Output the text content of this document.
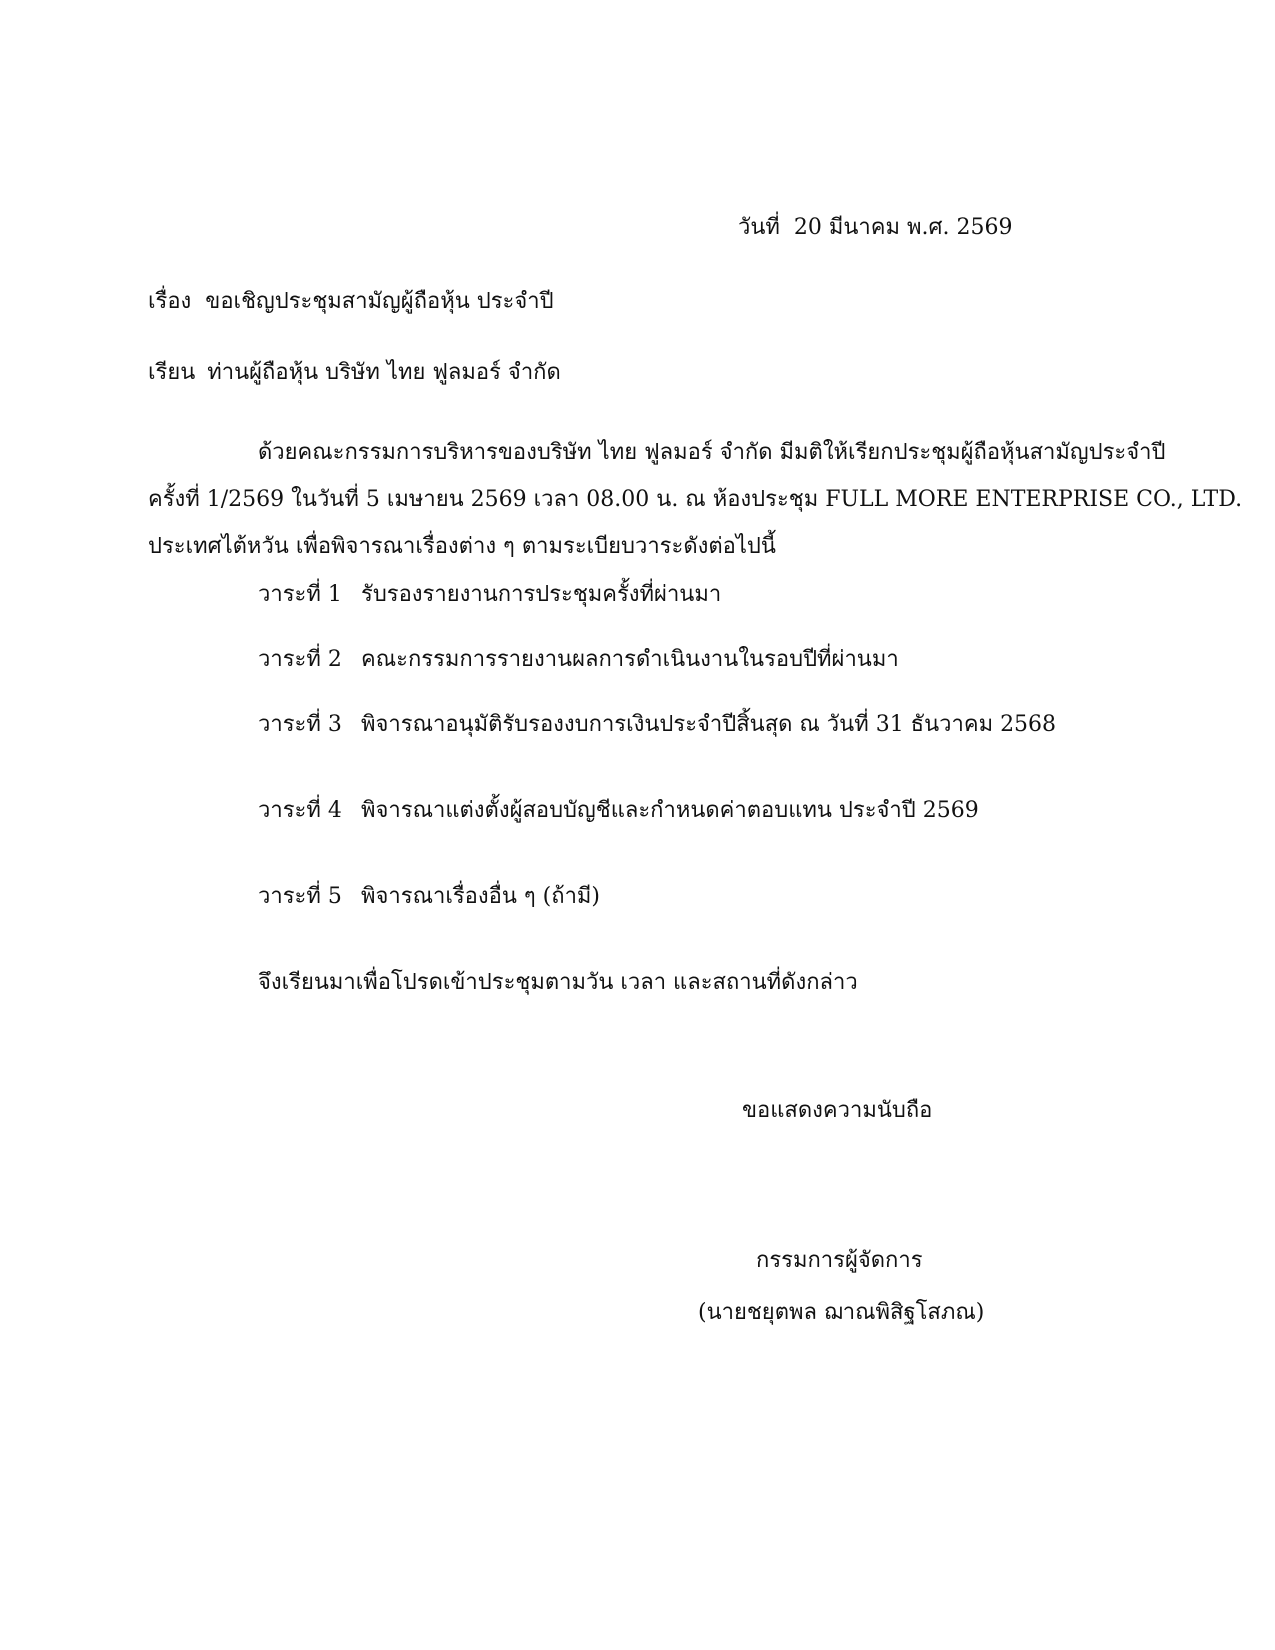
วันที่ 20 มีนาคม พ.ศ. 2569
เรื่อง ขอเชิญประชุมสามัญผู้ถือหุ้น ประจำปี
เรียน ท่านผู้ถือหุ้น บริษัท ไทย ฟูลมอร์ จำกัด

ด้วยคณะกรรมการบริหารของบริษัท ไทย ฟูลมอร์ จำกัด มีมติให้เรียกประชุมผู้ถือหุ้นสามัญประจำปี

ครั้งที่ 1/2569 ในวันที่ 5 เมษายน 2569 เวลา 08.00 น. ณ ห้องประชุม FULL MORE ENTERPRISE CO., LTD.

ประเทศไต้หวัน เพื่อพิจารณาเรื่องต่าง ๆ ตามระเบียบวาระดังต่อไปนี้

วาระที่ 1 รับรองรายงานการประชุมครั้งที่ผ่านมา
วาระที่ 2 คณะกรรมการรายงานผลการดำเนินงานในรอบปีที่ผ่านมา
วาระที่ 3 พิจารณาอนุมัติรับรองงบการเงินประจำปีสิ้นสุด ณ วันที่ 31 ธันวาคม 2568
วาระที่ 4 พิจารณาแต่งตั้งผู้สอบบัญชีและกำหนดค่าตอบแทน ประจำปี 2569
วาระที่ 5 พิจารณาเรื่องอื่น ๆ (ถ้ามี)
จึงเรียนมาเพื่อโปรดเข้าประชุมตามวัน เวลา และสถานที่ดังกล่าว
ขอแสดงความนับถือ
กรรมการผู้จัดการ
(นายชยุตพล ฌาณพิสิฐโสภณ)
